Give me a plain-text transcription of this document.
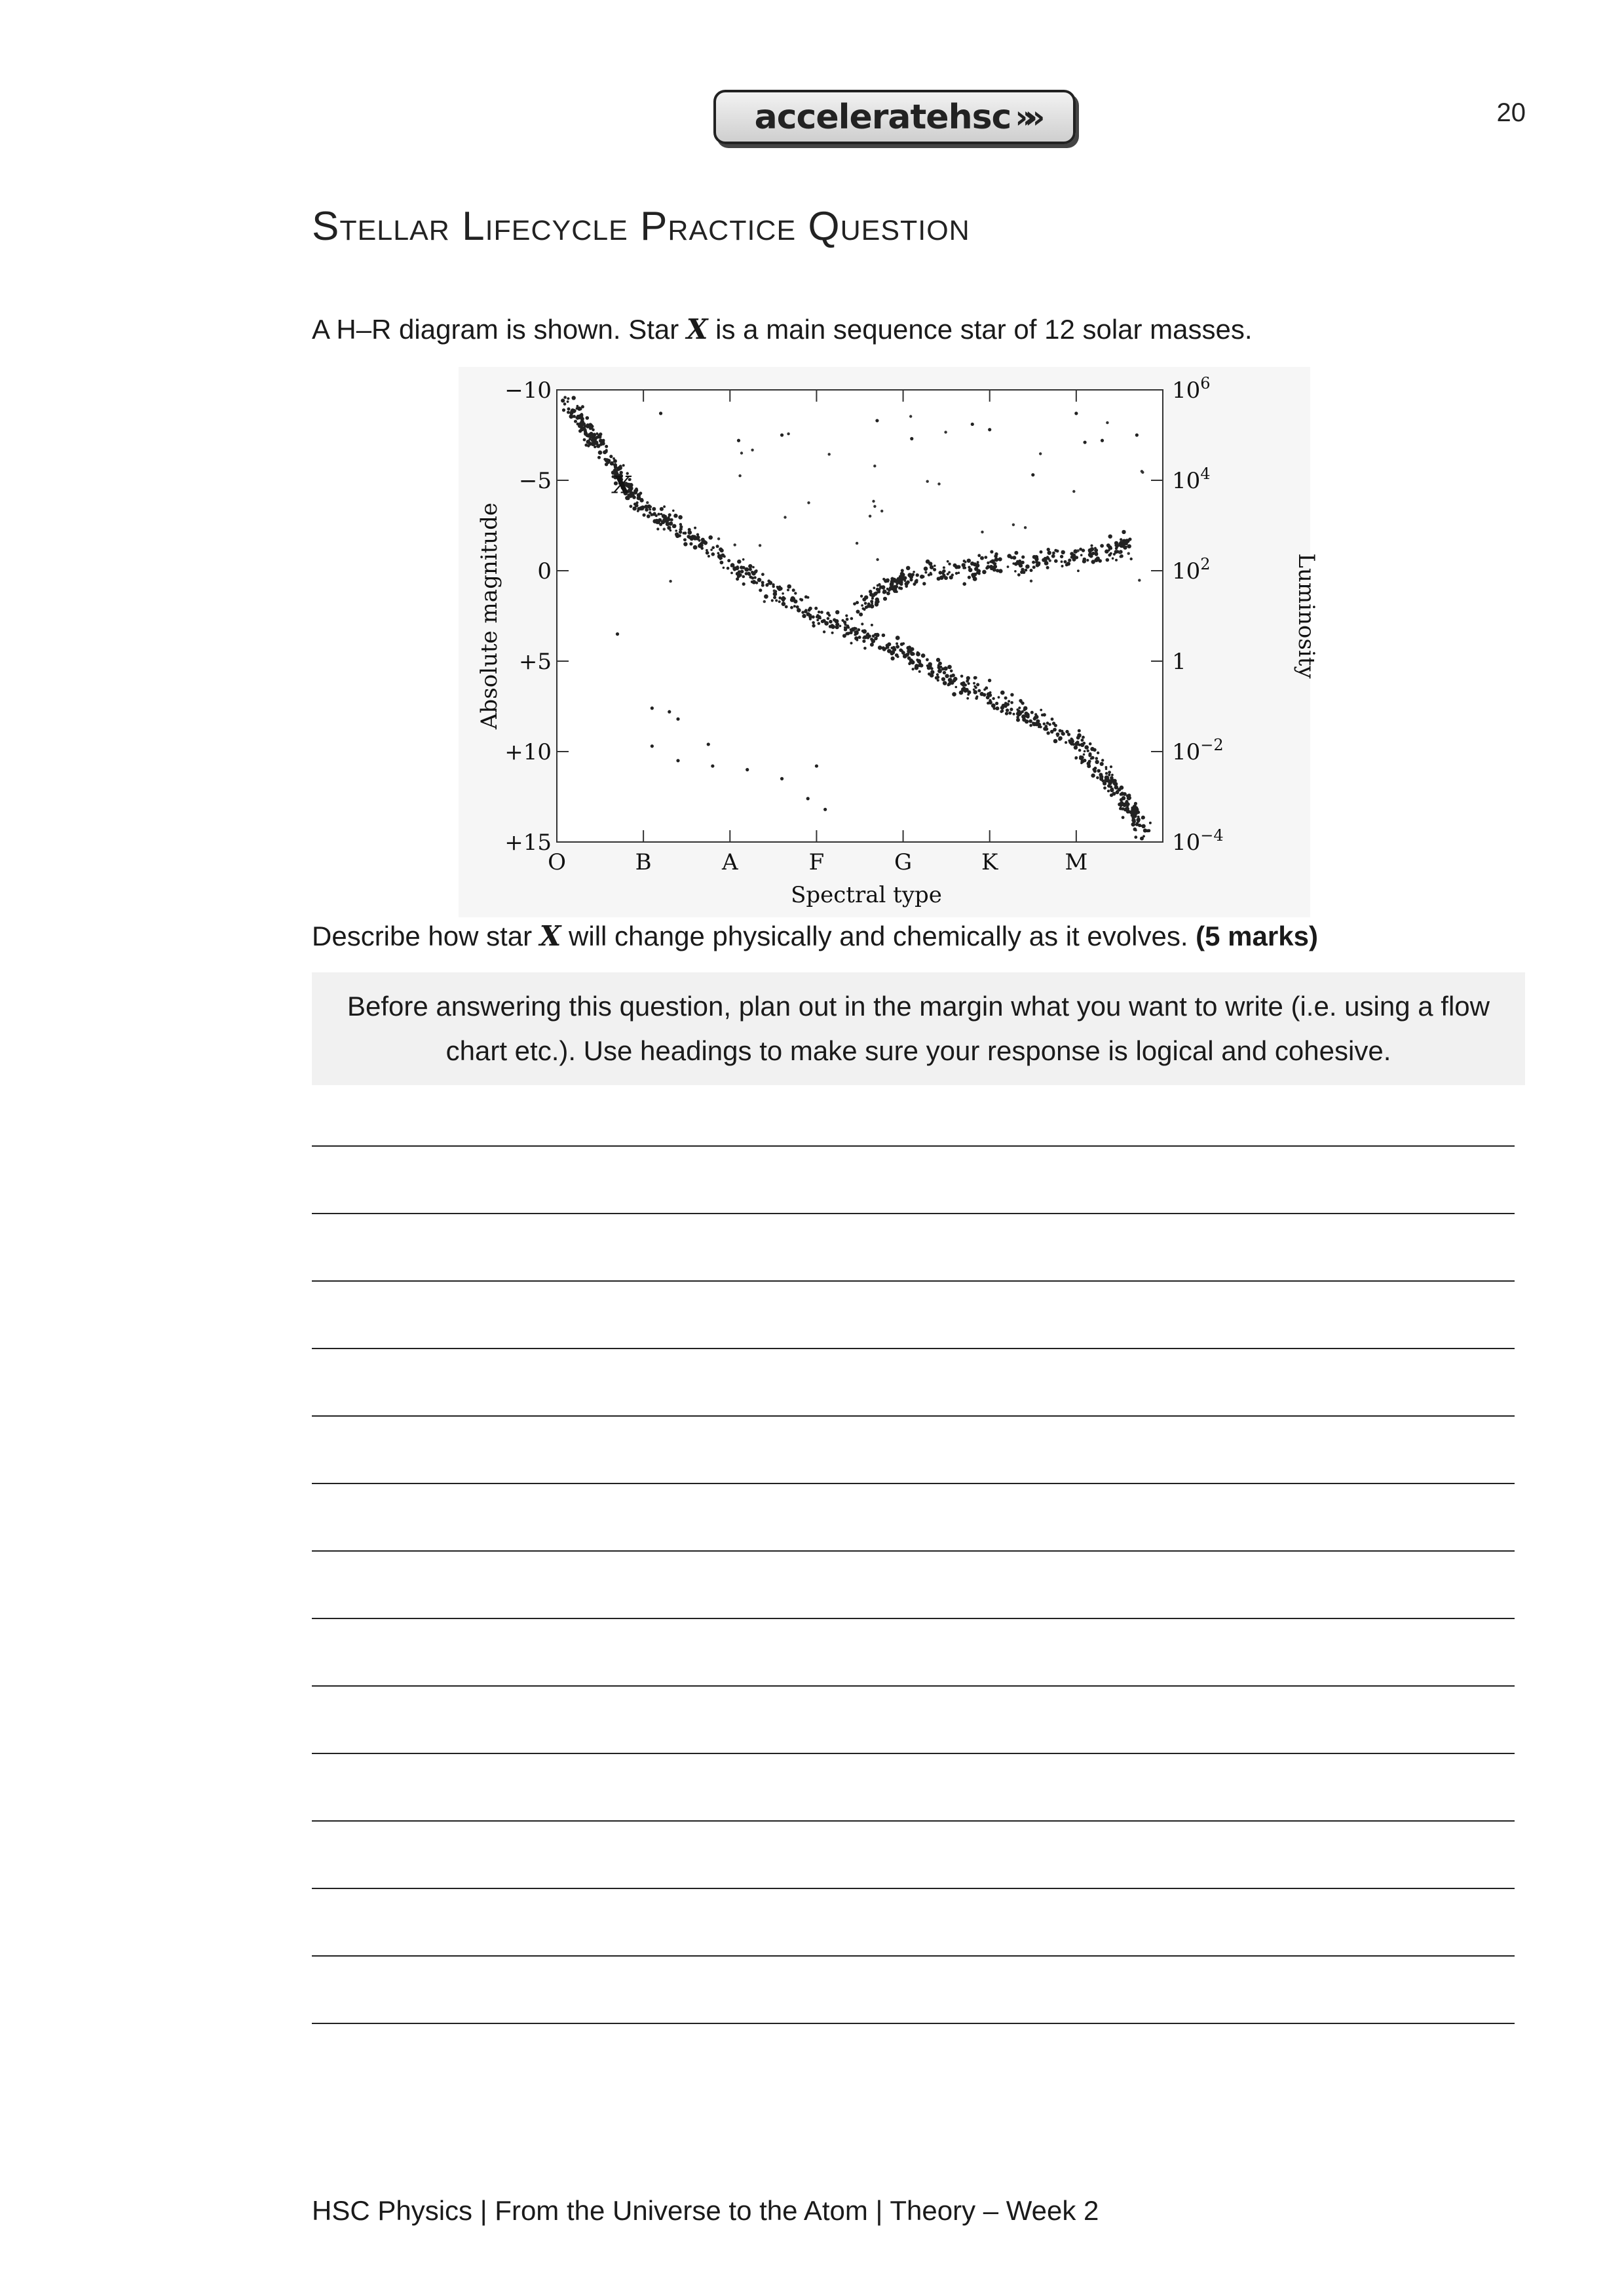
acceleratehsc »»	20
Stellar Lifecycle Practice Question
A H–R diagram is shown. Star X is a main sequence star of 12 solar masses.
−10	$10^6$
−5	$10^4$
0	$10^2$
+5	1
+10	$10^{-2}$
+15	$10^{-4}$
O	B	A	F	G	K	M
Spectral type
Absolute magnitude	Luminosity
X
Describe how star X will change physically and chemically as it evolves. (5 marks)
Before answering this question, plan out in the margin what you want to write (i.e. using a flow chart etc.). Use headings to make sure your response is logical and cohesive.
HSC Physics | From the Universe to the Atom | Theory – Week 2
